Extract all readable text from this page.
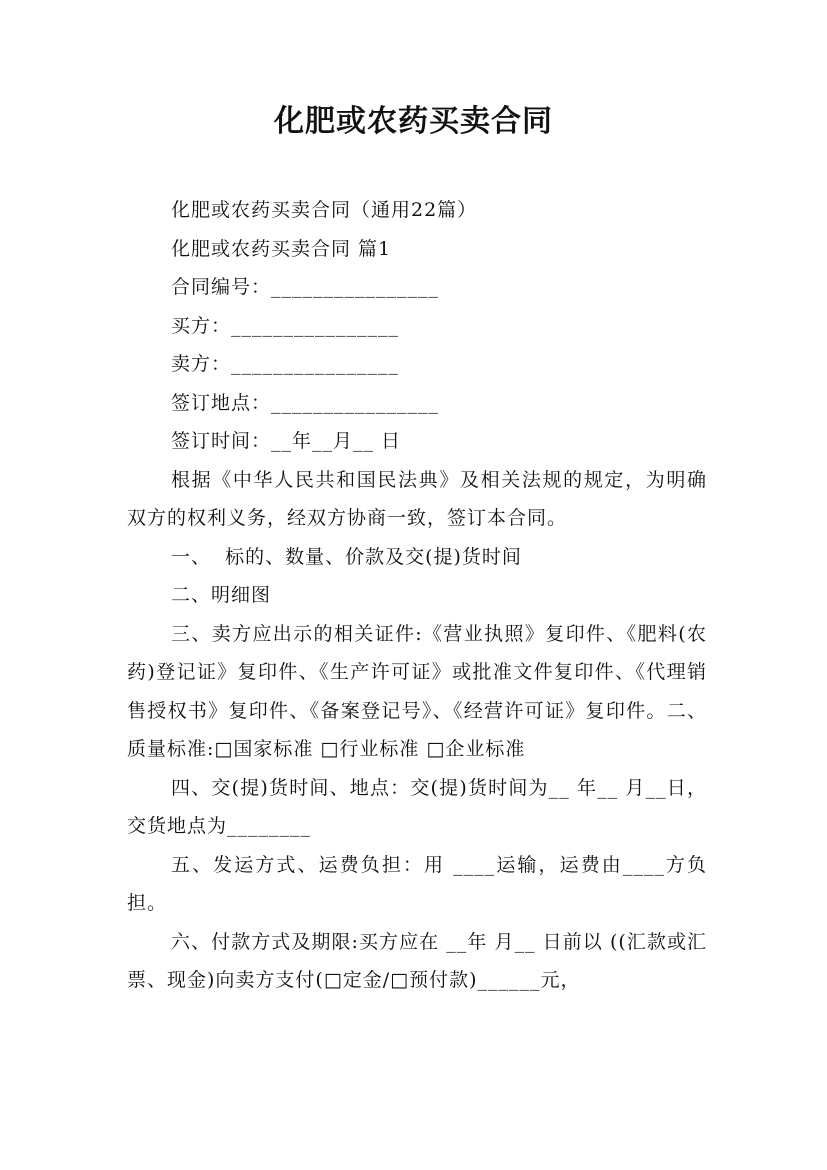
化肥或农药买卖合同

化肥或农药买卖合同（通用22篇）

化肥或农药买卖合同 篇1

合同编号：________________

买方：________________

卖方：________________

签订地点：________________

签订时间：__年__月__ 日

根据《中华人民共和国民法典》及相关法规的规定，为明确双方的权利义务，经双方协商一致，签订本合同。

一、  标的、数量、价款及交(提)货时间

二、明细图

三、卖方应出示的相关证件:《营业执照》复印件、《肥料(农药)登记证》复印件、《生产许可证》或批准文件复印件、《代理销售授权书》复印件、《备案登记号》、《经营许可证》复印件。二、  质量标准:□国家标准 □行业标准 □企业标准

四、交(提)货时间、地点：交(提)货时间为__ 年__ 月__日，交货地点为________

五、发运方式、运费负担：用 ____运输，运费由____方负担。

六、付款方式及期限:买方应在 __年 月__ 日前以 ((汇款或汇票、现金)向卖方支付(□定金/□预付款)______元，
